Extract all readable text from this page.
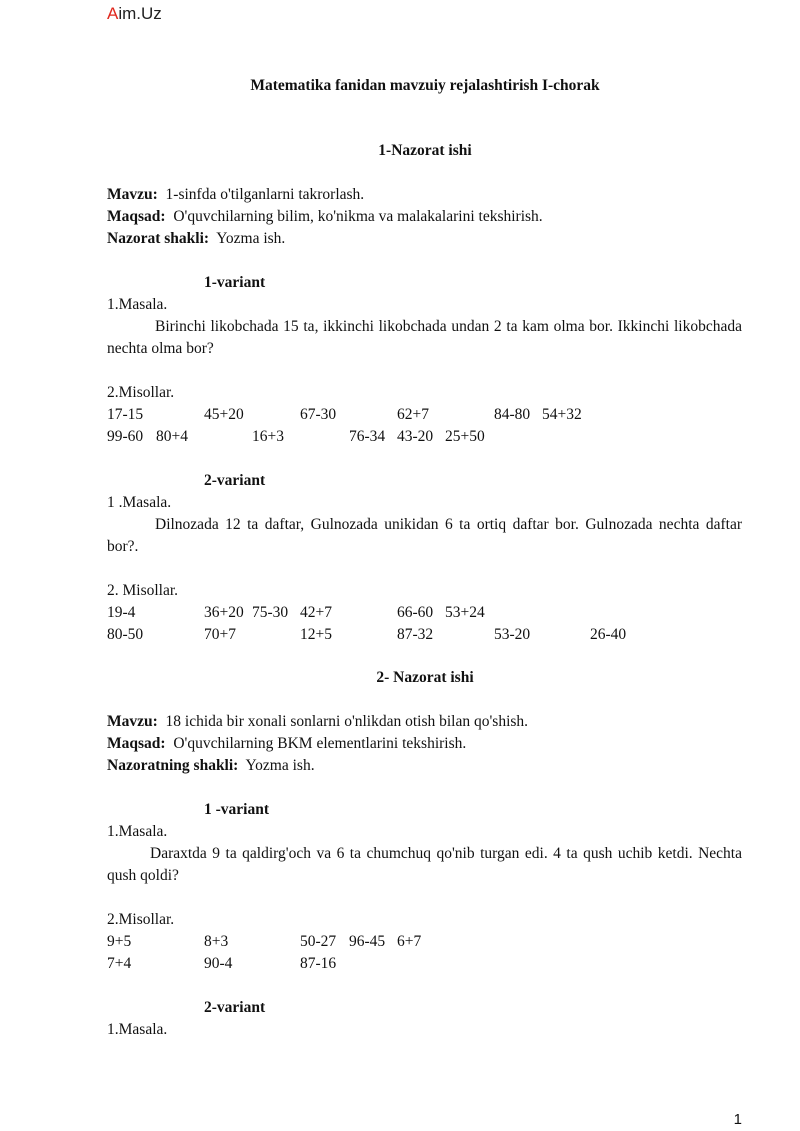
Aim.Uz
Matematika fanidan mavzuiy rejalashtirish I-chorak
1-Nazorat ishi
Mavzu: 1-sinfda o'tilganlarni takrorlash.
Maqsad: O'quvchilarning bilim, ko'nikma va malakalarini tekshirish.
Nazorat shakli: Yozma ish.
1-variant
1.Masala.
Birinchi likobchada 15 ta, ikkinchi likobchada undan 2 ta kam olma bor. Ikkinchi likobchada nechta olma bor?
2.Misollar.
17-15	45+20	67-30	62+7	84-80 54+32
99-60 80+4	16+3	76-34 43-20 25+50
2-variant
1 .Masala.
Dilnozada 12 ta daftar, Gulnozada unikidan 6 ta ortiq daftar bor. Gulnozada nechta daftar bor?.
2. Misollar.
19-4	36+20 75-30 42+7	66-60 53+24
80-50	70+7	12+5	87-32	53-20	26-40
2- Nazorat ishi
Mavzu: 18 ichida bir xonali sonlarni o'nlikdan otish bilan qo'shish.
Maqsad: O'quvchilarning BKM elementlarini tekshirish.
Nazoratning shakli: Yozma ish.
1 -variant
1.Masala.
Daraxtda 9 ta qaldirg'och va 6 ta chumchuq qo'nib turgan edi. 4 ta qush uchib ketdi. Nechta qush qoldi?
2.Misollar.
9+5	8+3	50-27 96-45 6+7
7+4	90-4	87-16
2-variant
1.Masala.
1
